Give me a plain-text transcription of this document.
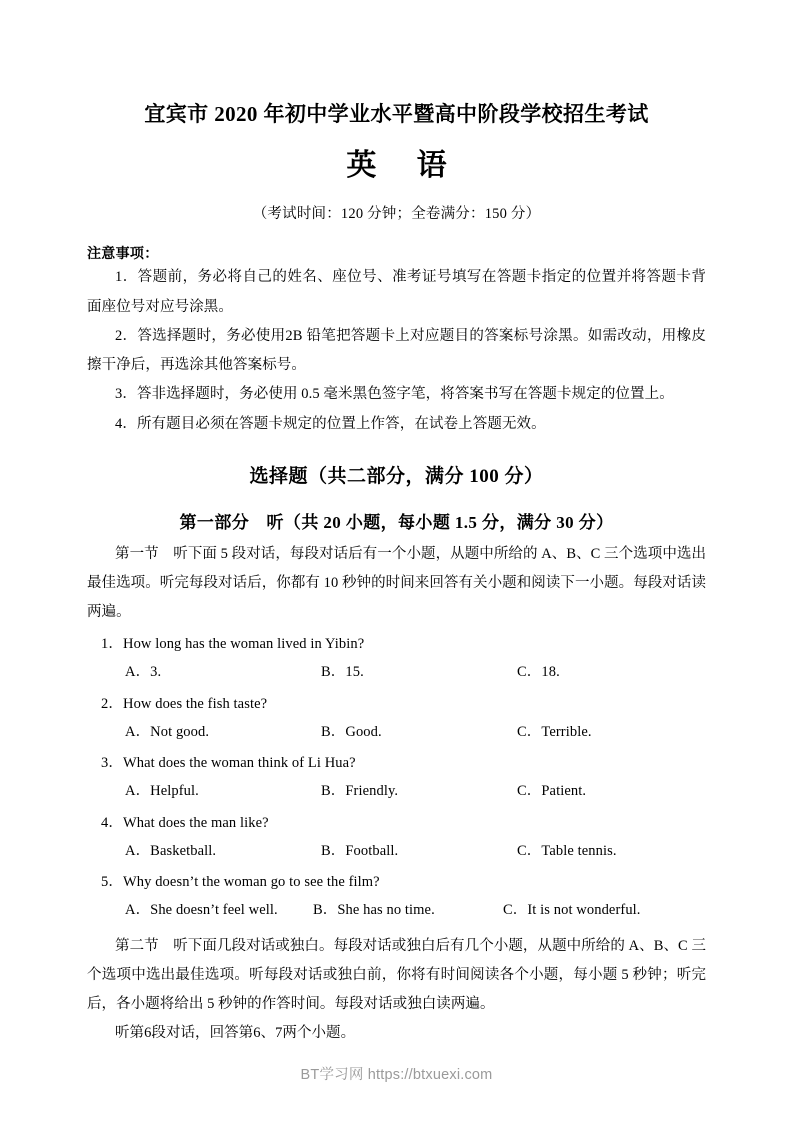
宜宾市 2020 年初中学业水平暨高中阶段学校招生考试
英 语
（考试时间：120 分钟；全卷满分：150 分）
注意事项：

1．答题前，务必将自己的姓名、座位号、准考证号填写在答题卡指定的位置并将答题卡背面座位号对应号涂黑。

2．答选择题时，务必使用2B 铅笔把答题卡上对应题目的答案标号涂黑。如需改动，用橡皮擦干净后，再选涂其他答案标号。

3．答非选择题时，务必使用 0.5 毫米黑色签字笔，将答案书写在答题卡规定的位置上。

4．所有题目必须在答题卡规定的位置上作答，在试卷上答题无效。

选择题（共二部分，满分 100 分）
第一部分　听（共 20 小题，每小题 1.5 分，满分 30 分）

第一节　听下面 5 段对话，每段对话后有一个小题，从题中所给的 A、B、C 三个选项中选出最佳选项。听完每段对话后，你都有 10 秒钟的时间来回答有关小题和阅读下一小题。每段对话读两遍。

1．How long has the woman lived in Yibin?
A．3.	B．15.	C．18.
2．How does the fish taste?
A．Not good.	B．Good.	C．Terrible.
3．What does the woman think of Li Hua?
A．Helpful.	B．Friendly.	C．Patient.
4．What does the man like?
A．Basketball.	B．Football.	C．Table tennis.
5．Why doesn’t the woman go to see the film?
A．She doesn’t feel well.	B．She has no time.	C．It is not wonderful.

第二节　听下面几段对话或独白。每段对话或独白后有几个小题，从题中所给的 A、B、C 三个选项中选出最佳选项。听每段对话或独白前，你将有时间阅读各个小题，每小题 5 秒钟；听完后，各小题将给出 5 秒钟的作答时间。每段对话或独白读两遍。

听第6段对话，回答第6、7两个小题。

BT学习网 https://btxuexi.com
